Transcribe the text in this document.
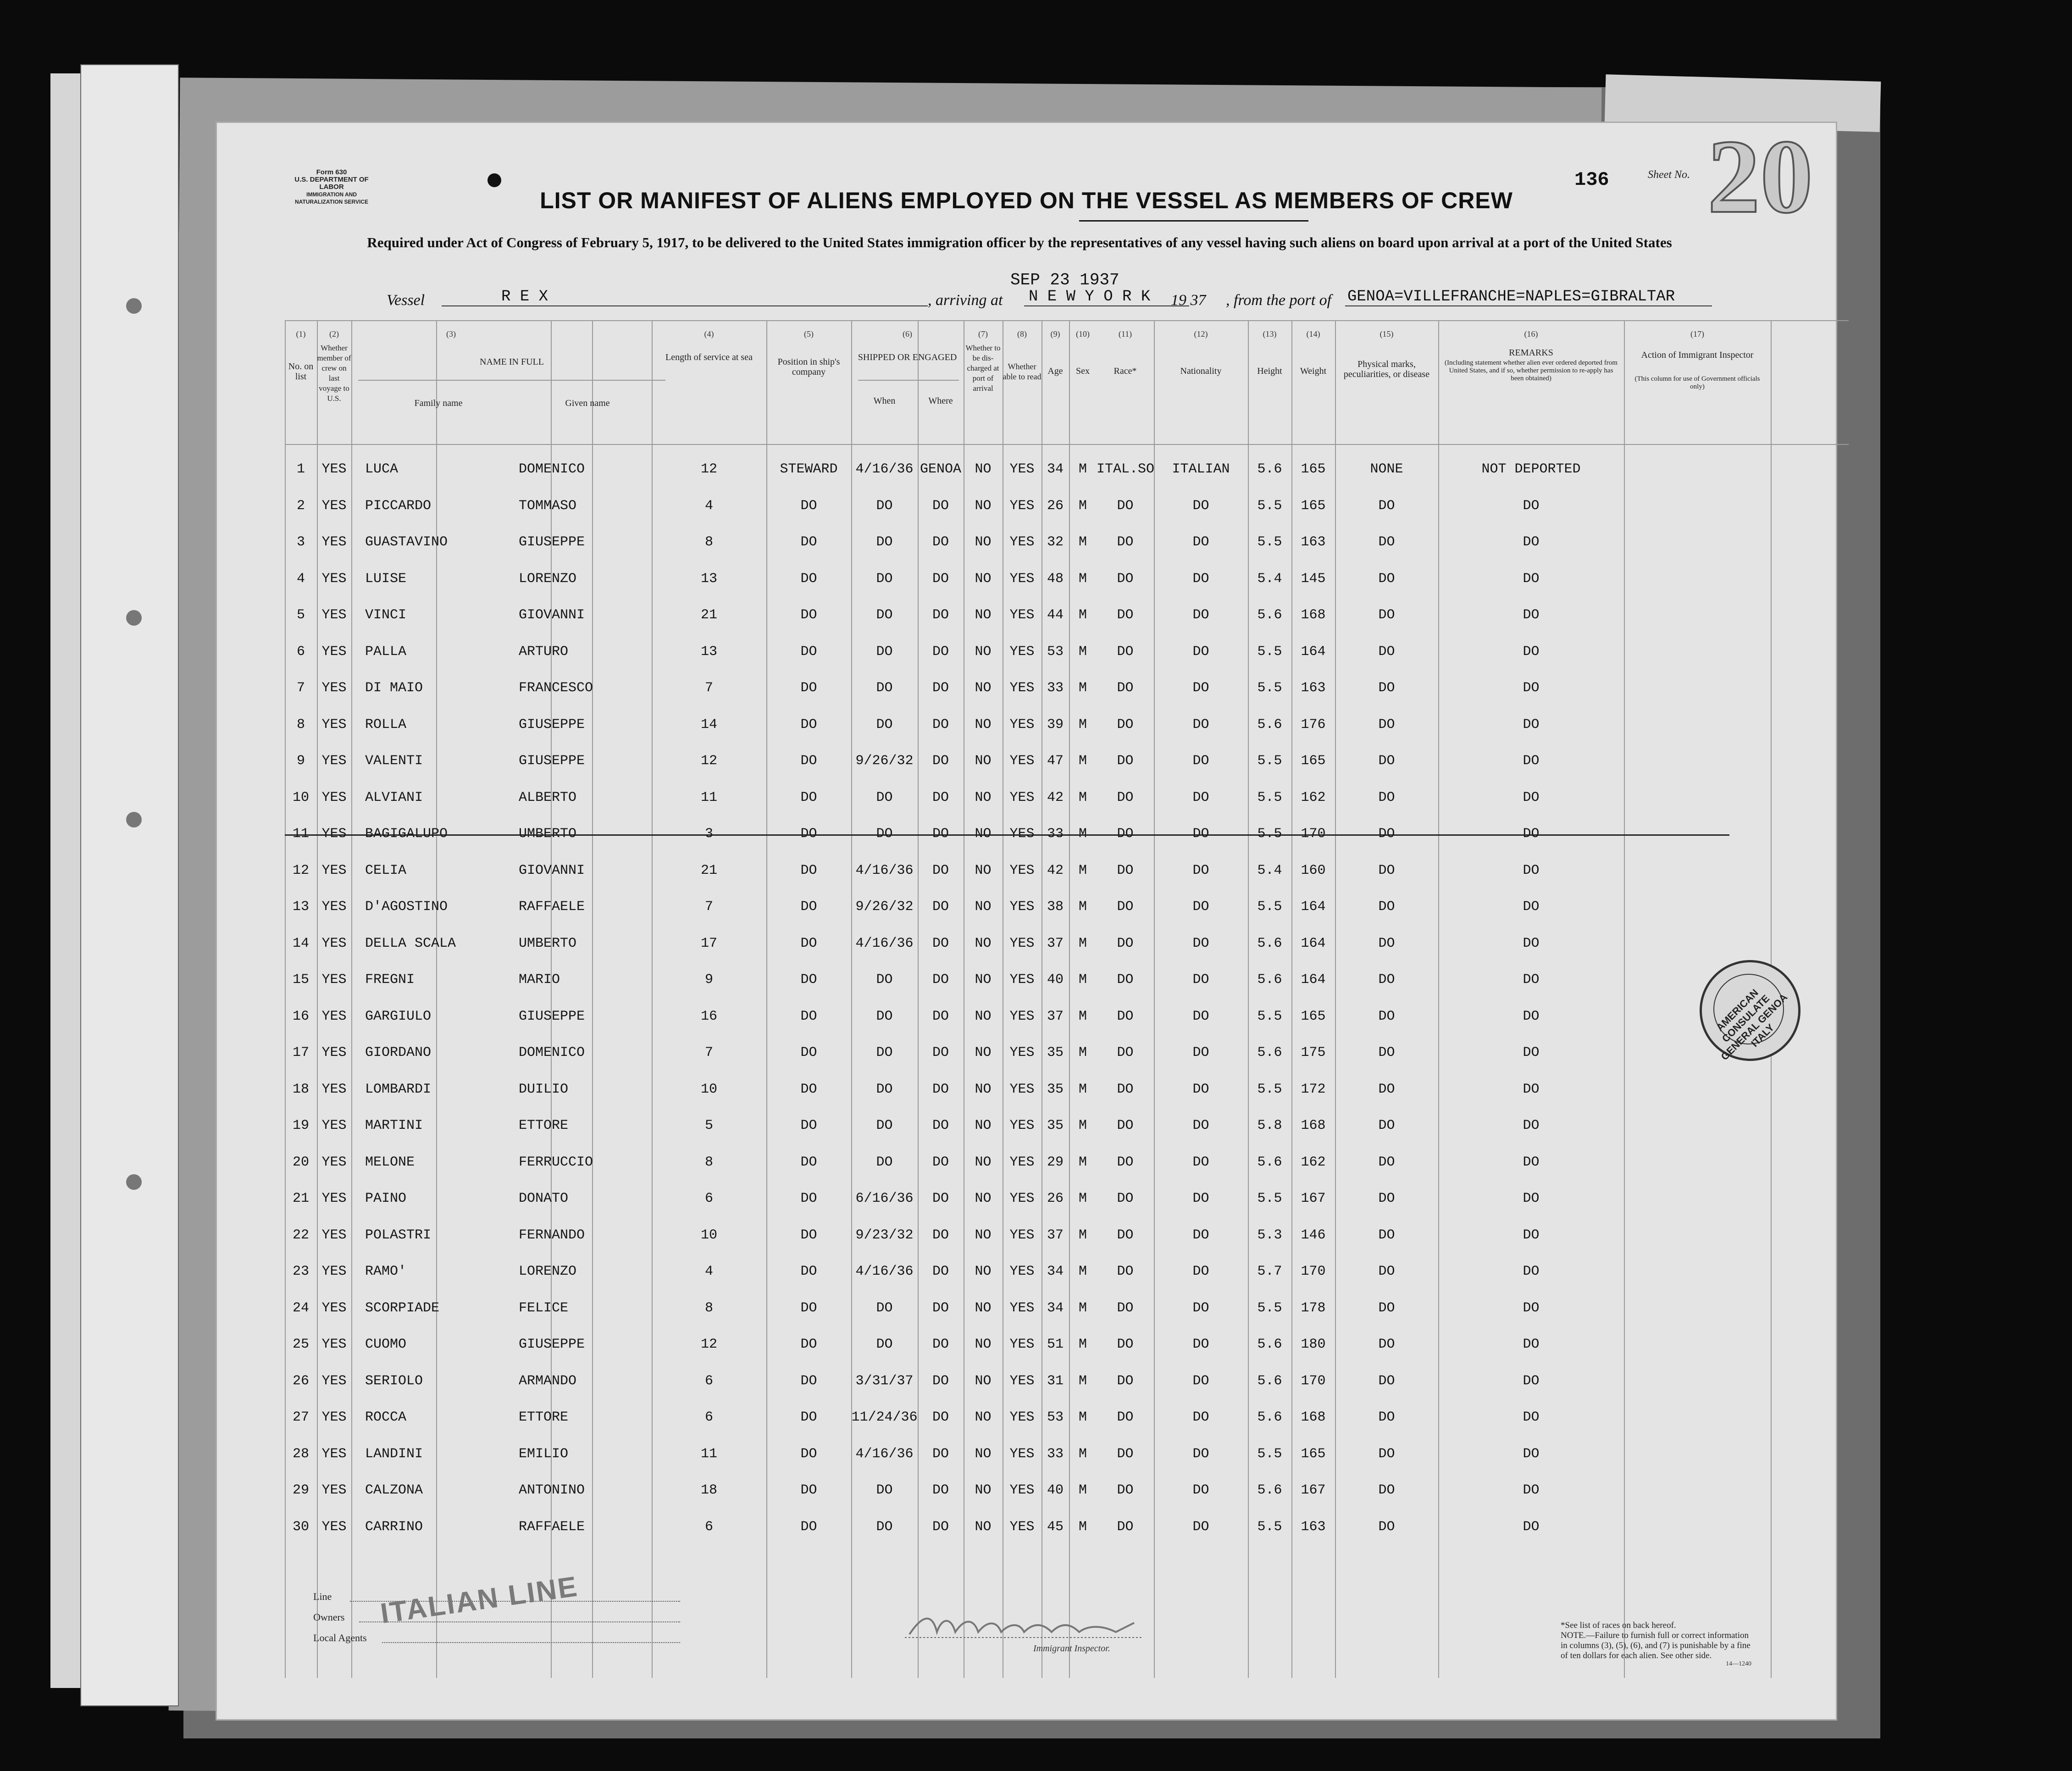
Form 630
U.S. DEPARTMENT OF LABOR
IMMIGRATION AND NATURALIZATION SERVICE	LIST OR MANIFEST OF ALIENS EMPLOYED ON THE VESSEL AS MEMBERS OF CREW
Required under Act of Congress of February 5, 1917, to be delivered to the United States immigration officer by the representatives of any vessel having such aliens on board upon arrival at a port of the United States
136	Sheet No. 20
Vessel	R E X	, arriving at N E W Y O R K
SEP 23 1937
19 37 , from the port of GENOA=VILLEFRANCHE=NAPLES=GIBRALTAR
(1)	(2)	(3)	(4)	(5)	(6)	(7)	(8)	(9)	(10)	(11)	(12)	(13)	(14)	(15)	(16)	(17)
No. on list
Whether member of crew on last voyage to U.S.
NAME IN FULL
Family name	Given name
Length of service at sea	Position in ship's company
SHIPPED OR ENGAGED
When	Where
Whether to be dis-charged at port of arrival
Whether able to read
Age	Sex	Race*	Nationality	Height	Weight
Physical marks, peculiarities, or disease
REMARKS
(Including statement whether alien ever ordered deported from United States, and if so, whether permission to re-apply has been obtained)
Action of Immigrant Inspector
(This column for use of Government officials only)
1	YES	LUCA	DOMENICO	12	STEWARD	4/16/36 GENOA NO	YES 34	M ITAL.SO	ITALIAN	5.6	165	NONE	NOT DEPORTED
2	YES	PICCARDO	TOMMASO	4	DO	DO	DO	NO	YES 26	M	DO	DO	5.5	165	DO	DO
3	YES	GUASTAVINO	GIUSEPPE	8	DO	DO	DO	NO	YES 32	M	DO	DO	5.5	163	DO	DO
4	YES	LUISE	LORENZO	13	DO	DO	DO	NO	YES 48	M	DO	DO	5.4	145	DO	DO
5	YES	VINCI	GIOVANNI	21	DO	DO	DO	NO	YES 44	M	DO	DO	5.6	168	DO	DO
6	YES	PALLA	ARTURO	13	DO	DO	DO	NO	YES 53	M	DO	DO	5.5	164	DO	DO
7	YES	DI MAIO	FRANCESCO	7	DO	DO	DO	NO	YES 33	M	DO	DO	5.5	163	DO	DO
8	YES	ROLLA	GIUSEPPE	14	DO	DO	DO	NO	YES 39	M	DO	DO	5.6	176	DO	DO
9	YES	VALENTI	GIUSEPPE	12	DO	9/26/32	DO	NO	YES 47	M	DO	DO	5.5	165	DO	DO
10 YES	ALVIANI	ALBERTO	11	DO	DO	DO	NO	YES 42	M	DO	DO	5.5	162	DO	DO
11 YES	BAGIGALUPO	UMBERTO	3	DO	DO	DO	NO	YES 33	M	DO	DO	5.5	170	DO	DO
12 YES	CELIA	GIOVANNI	21	DO	4/16/36	DO	NO	YES 42	M	DO	DO	5.4	160	DO	DO
13 YES	D'AGOSTINO	RAFFAELE	7	DO	9/26/32	DO	NO	YES 38	M	DO	DO	5.5	164	DO	DO
14 YES	DELLA SCALA	UMBERTO	17	DO	4/16/36	DO	NO	YES 37	M	DO	DO	5.6	164	DO	DO
15 YES	FREGNI	MARIO	9	DO	DO	DO	NO	YES 40	M	DO	DO	5.6	164	DO	DO
16 YES	GARGIULO	GIUSEPPE	16	DO	DO	DO	NO	YES 37	M	DO	DO	5.5	165	DO	DO
17 YES	GIORDANO	DOMENICO	7	DO	DO	DO	NO	YES 35	M	DO	DO	5.6	175	DO	DO
18 YES	LOMBARDI	DUILIO	10	DO	DO	DO	NO	YES 35	M	DO	DO	5.5	172	DO	DO
19 YES	MARTINI	ETTORE	5	DO	DO	DO	NO	YES 35	M	DO	DO	5.8	168	DO	DO
20 YES	MELONE	FERRUCCIO	8	DO	DO	DO	NO	YES 29	M	DO	DO	5.6	162	DO	DO
21 YES	PAINO	DONATO	6	DO	6/16/36	DO	NO	YES 26	M	DO	DO	5.5	167	DO	DO
22 YES	POLASTRI	FERNANDO	10	DO	9/23/32	DO	NO	YES 37	M	DO	DO	5.3	146	DO	DO
23 YES	RAMO'	LORENZO	4	DO	4/16/36	DO	NO	YES 34	M	DO	DO	5.7	170	DO	DO
24 YES	SCORPIADE	FELICE	8	DO	DO	DO	NO	YES 34	M	DO	DO	5.5	178	DO	DO
25 YES	CUOMO	GIUSEPPE	12	DO	DO	DO	NO	YES 51	M	DO	DO	5.6	180	DO	DO
26 YES	SERIOLO	ARMANDO	6	DO	3/31/37	DO	NO	YES 31	M	DO	DO	5.6	170	DO	DO
27 YES	ROCCA	ETTORE	6	DO	11/24/36	DO	NO	YES 53	M	DO	DO	5.6	168	DO	DO
28 YES	LANDINI	EMILIO	11	DO	4/16/36	DO	NO	YES 33	M	DO	DO	5.5	165	DO	DO
29 YES	CALZONA	ANTONINO	18	DO	DO	DO	NO	YES 40	M	DO	DO	5.6	167	DO	DO
30 YES	CARRINO	RAFFAELE	6	DO	DO	DO	NO	YES 45	M	DO	DO	5.5	163	DO	DO
AMERICAN CONSULATE GENERAL GENOA ITALY
Line
Owners
Local Agents
ITALIAN LINE
Immigrant Inspector.
*See list of races on back hereof.
NOTE.—Failure to furnish full or correct information in columns (3), (5), (6), and (7) is punishable by a fine of ten dollars for each alien. See other side.
14—1240
